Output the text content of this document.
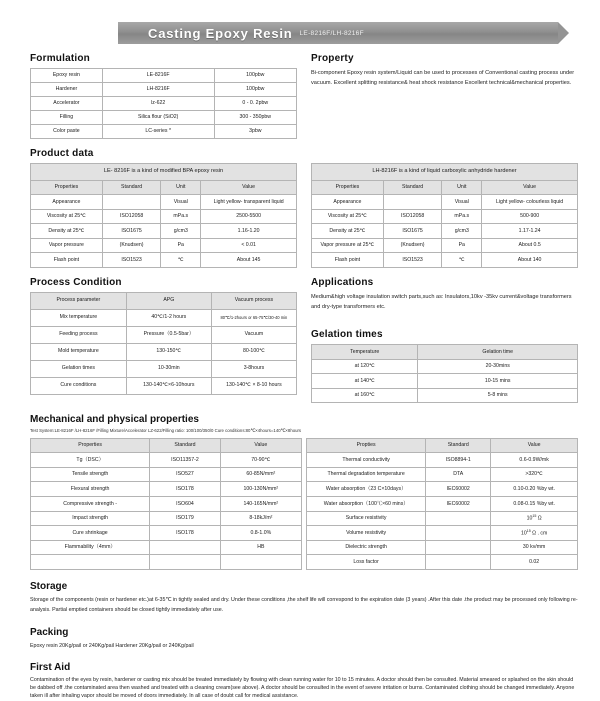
Casting Epoxy Resin LE-8216F/LH-8216F
Formulation
Epoxy resin	LE-8216F	100pbw
Hardener	LH-8216F	100pbw
Accelerator	lz-622	0 - 0. 2pbw
Filling	Silica flour (SiO2)	300 - 350pbw
Color paste	LC-series *	3pbw
Property

Bi-component Epoxy resin system/Liquid can be used to processes of Conventional casting process under vacuum. Excellent splitting resistance& heat shock resistance Excellent technical&mechanical properties.

Product data
LE- 8216F is a kind of modified BPA epoxy resin			
Properties	Standard	Unit	Value
Appearance		Visual	Light yellow- transparent liquid
Viscosity at 25℃	ISO12058	mPa.s	2500-5500
Density at 25℃	ISO1675	g/cm3	1.16-1.20
Vapor pressure	(Knudsen)	Pa	< 0.01
Flash point	ISO1523	℃	About 145
LH-8216F is a kind of liquid carboxylic anhydride hardener			
Properties	Standard	Unit	Value
Appearance		Visual	Light yellow- colourless liquid
Viscosity at 25℃	ISO12058	mPa.s	500-900
Density at 25℃	ISO1675	g/cm3	1.17-1.24
Vapor pressure at 25℃	(Knudsen)	Pa	About 0.5
Flash point	ISO1523	℃	About 140
Process Condition
Process parameter	APG	Vacuum process
Mix temperature	40℃/1-2 hours	80℃/1-2hours or 65-75℃/30-40 min
Feeding process	Pressure（0.5-5bar）	Vacuum
Mold temperature	130-150℃	80-100℃
Gelation times	10-30min	3-8hours
Cure conditions	130-140℃×6-10hours	130-140℃ × 8-10 hours
Applications

Medium&high voltage insulation switch parts,such as: Insulators,10kv -35kv current&voltage transformers and dry-type transformers etc.

Gelation times
Temperature	Gelation time
at 120℃	20-30mins
at 140℃	10-15 mins
at 160℃	5-8 mins
Mechanical and physical properties

Test System:LE-8216F /LH-8216F /Filling Mixture/Accelerator LZ-622/Filling ratio: 100/100/350/0 Cure conditions:80℃×4hours=140℃×8hours

Properties	Standard	Value
Tg（DSC）	ISO11357-2	70-90℃
Tensile strength	ISO527	60-85N/mm²
Flexural strength	ISO178	100-130N/mm²
Compressive strength -	ISO604	140-165N/mm²
Impact strength	ISO179	8-18kJ/m²
Cure shrinkage	ISO178	0.8-1.0%
Flammability（4mm）		HB

Propties	Standard	Value
Thermal conductivity	ISO8894-1	0.6-0.9W/mk
Thermal degradation temperature	DTA	>320℃
Water absorption（23 C×10days）	IEC60002	0.10-0.20 %by wt.
Water absorption（100℃×60 mins）	IEC60002	0.08-0.15 %by wt.
Surface resistivity		$10^{15}$ Ω
Volume resistivity		$10^{15}$ Ω . cm
Dielectric strength		30 kv/mm
Loss factor		0.02
Storage

Storage of the components (resin or hardener etc.)at 6-35℃ in tightly sealed and dry. Under these conditions ,the shelf life will correspond to the expiration date (3 years) .After this date .the product may be processed only following re-analysis. Partial emptied containers should be closed tightly immediately after use.

Packing

Epoxy resin 20Kg/pail or 240Kg/pail Hardener 20Kg/pail or 240Kg/pail

First Aid

Contamination of the eyes by resin, hardener or casting mix should be treated immediately by flowing with clean running water for 10 to 15 minutes. A doctor should then be consulted. Material smeared or splashed on the skin should be dabbed off .the contaminated area then washed and treated with a cleaning cream(see above). A doctor should be consulted in the event of severe irritation or burns. Contaminated clothing should be changed immediately. Anyone taken ill after inhaling vapor should be moved of doors immediately. In all case of doubt call for medical assistance.
